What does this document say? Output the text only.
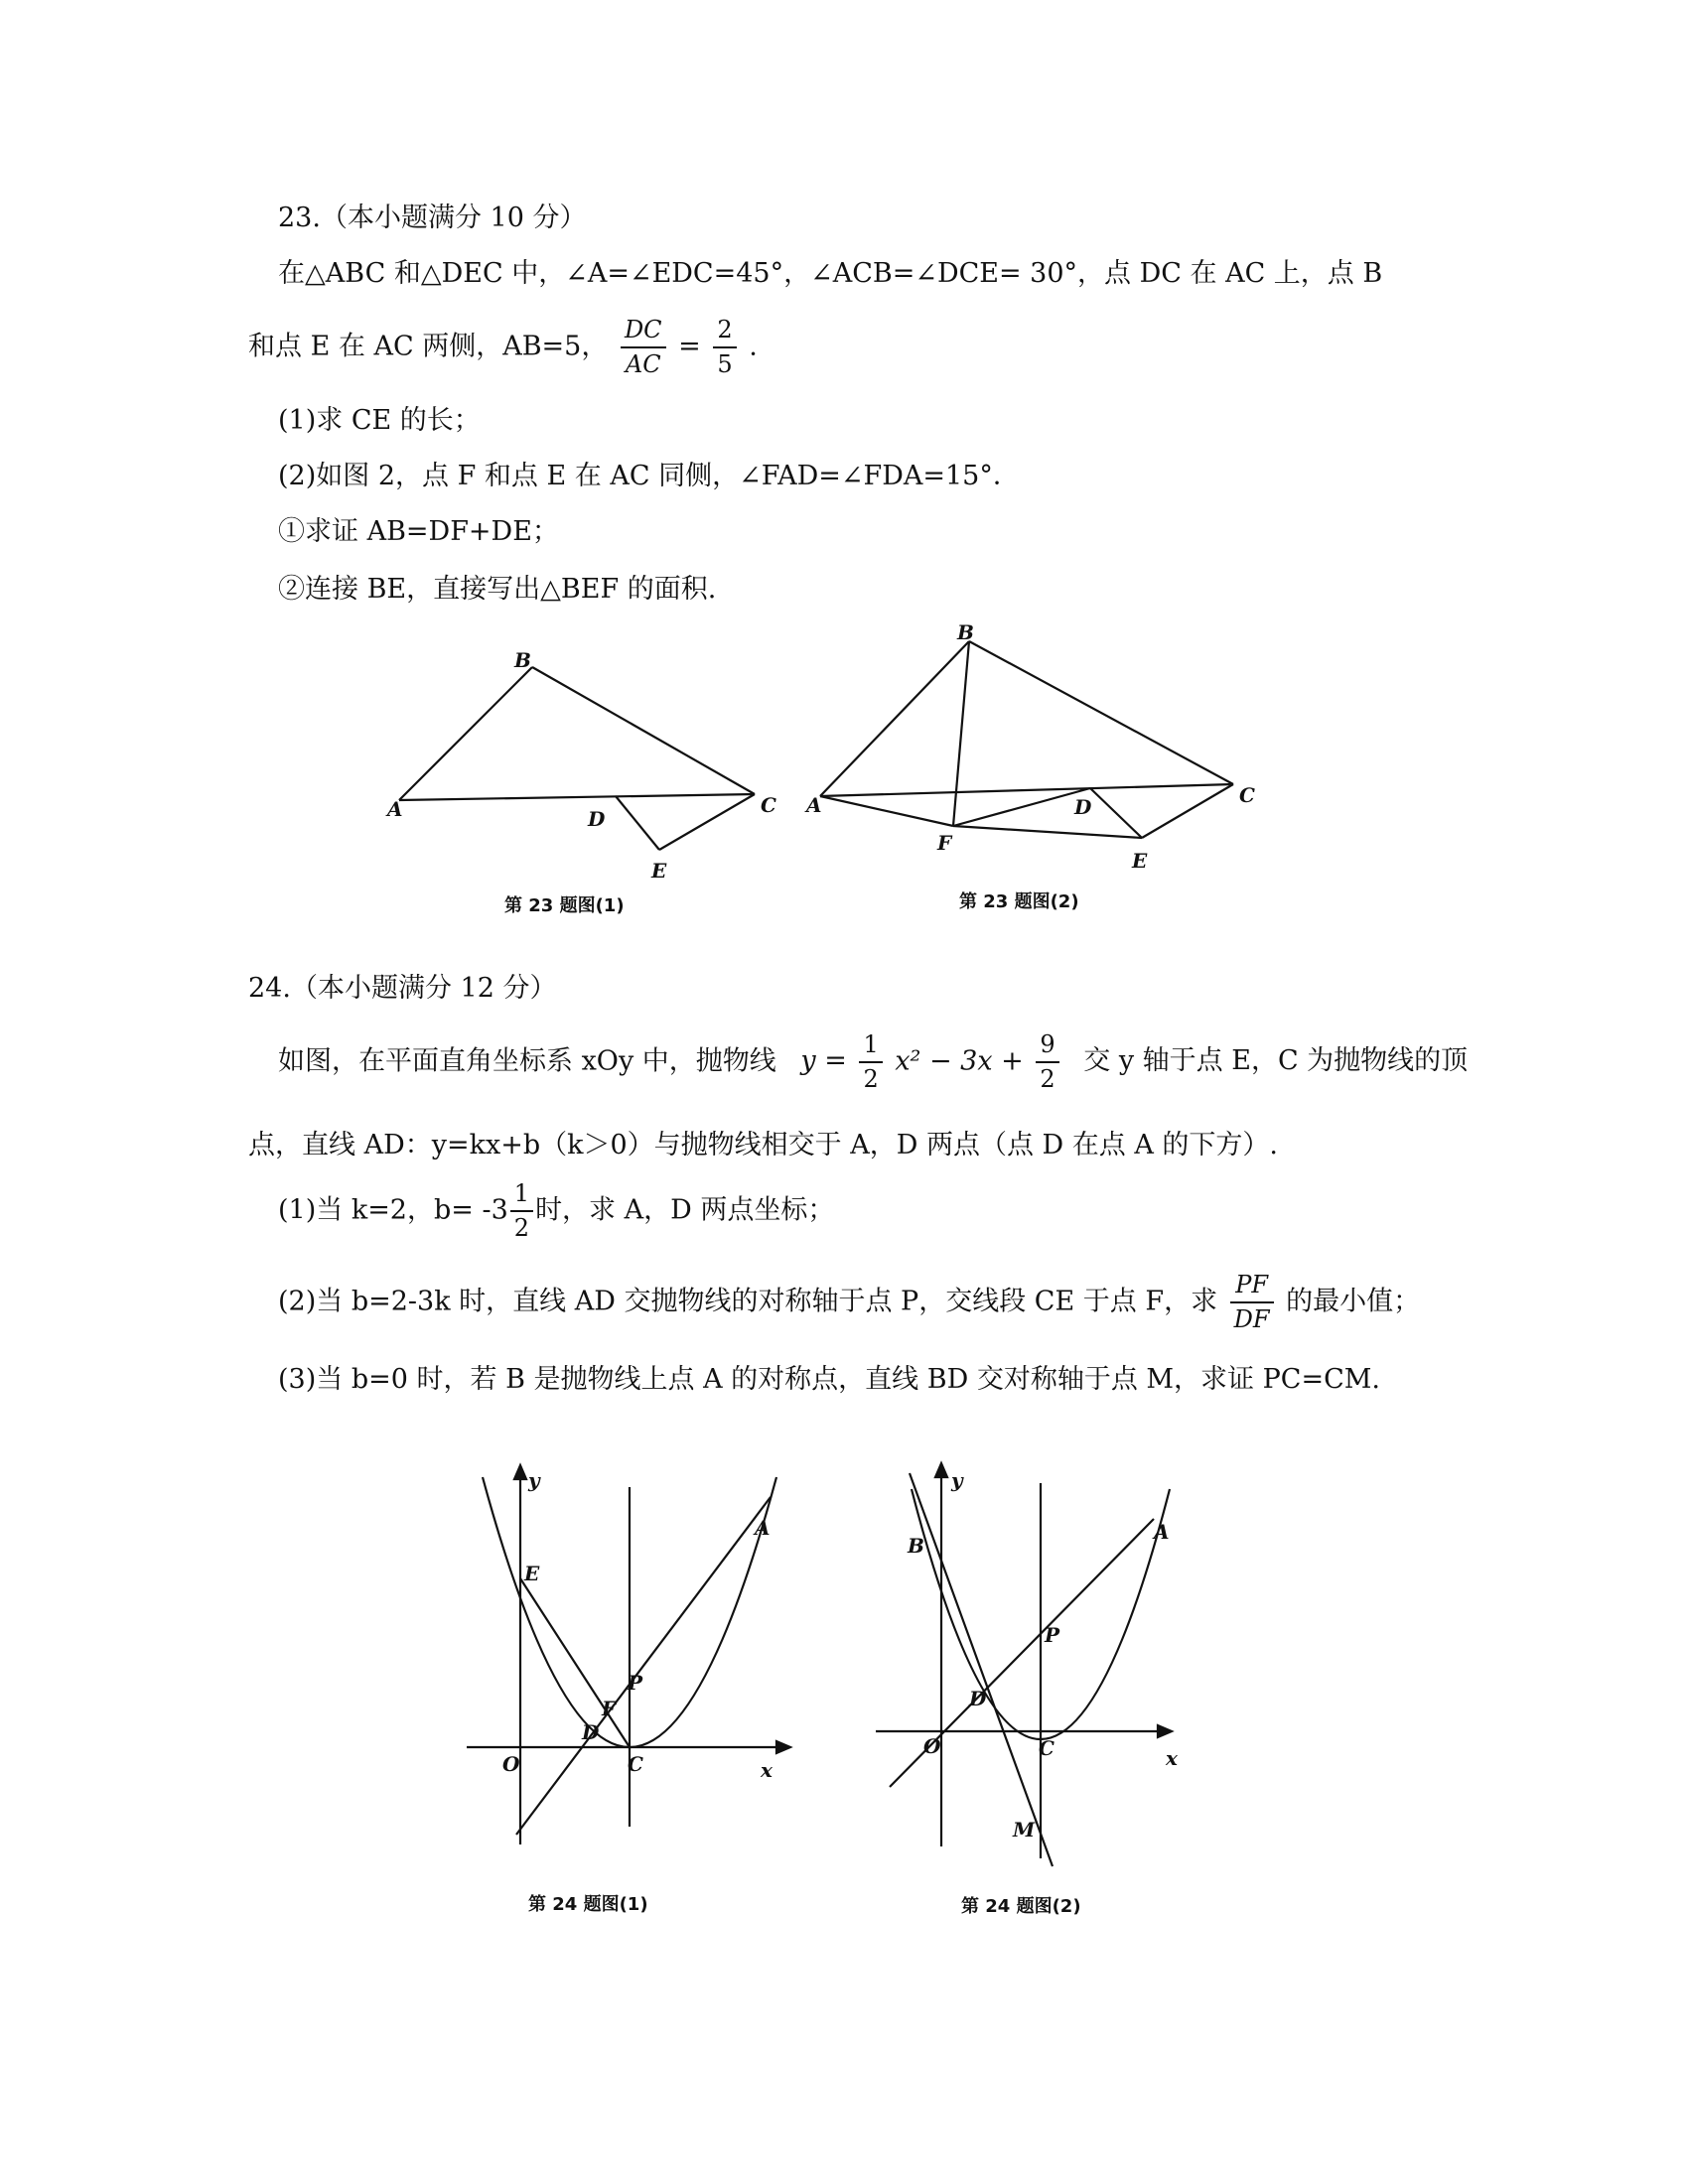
23.（本小题满分 10 分）
在△ABC 和△DEC 中，∠A=∠EDC=45°，∠ACB=∠DCE= 30°，点 DC 在 AC 上，点 B
和点 E 在 AC 两侧，AB=5， $\frac{DC}{AC} = \frac{2}{5}$ .
(1)求 CE 的长；
(2)如图 2，点 F 和点 E 在 AC 同侧，∠FAD=∠FDA=15°．
①求证 AB=DF+DE；
②连接 BE，直接写出△BEF 的面积.
A
B
C
D
E
A
B
C
D
E
F
y
x
O
E
A
P
F
D
C
y
x
O
B
A
P
D
C
M
第 23 题图(1)	第 23 题图(2)
24.（本小题满分 12 分）
如图，在平面直角坐标系 xOy 中，抛物线 $y = \frac{1}{2} x^2 - 3x + \frac{9}{2}$ 交 y 轴于点 E，C 为抛物线的顶
点，直线 AD：y=kx+b（k＞0）与抛物线相交于 A，D 两点（点 D 在点 A 的下方）.
(1)当 k=2，$b= -3 \frac{1}{2}$ 时，求 A，D 两点坐标；
(2)当 b=2-3k 时，直线 AD 交抛物线的对称轴于点 P，交线段 CE 于点 F，求 $\frac{PF}{DF}$ 的最小值；
(3)当 b=0 时，若 B 是抛物线上点 A 的对称点，直线 BD 交对称轴于点 M，求证 PC=CM.
第 24 题图(1)	第 24 题图(2)
